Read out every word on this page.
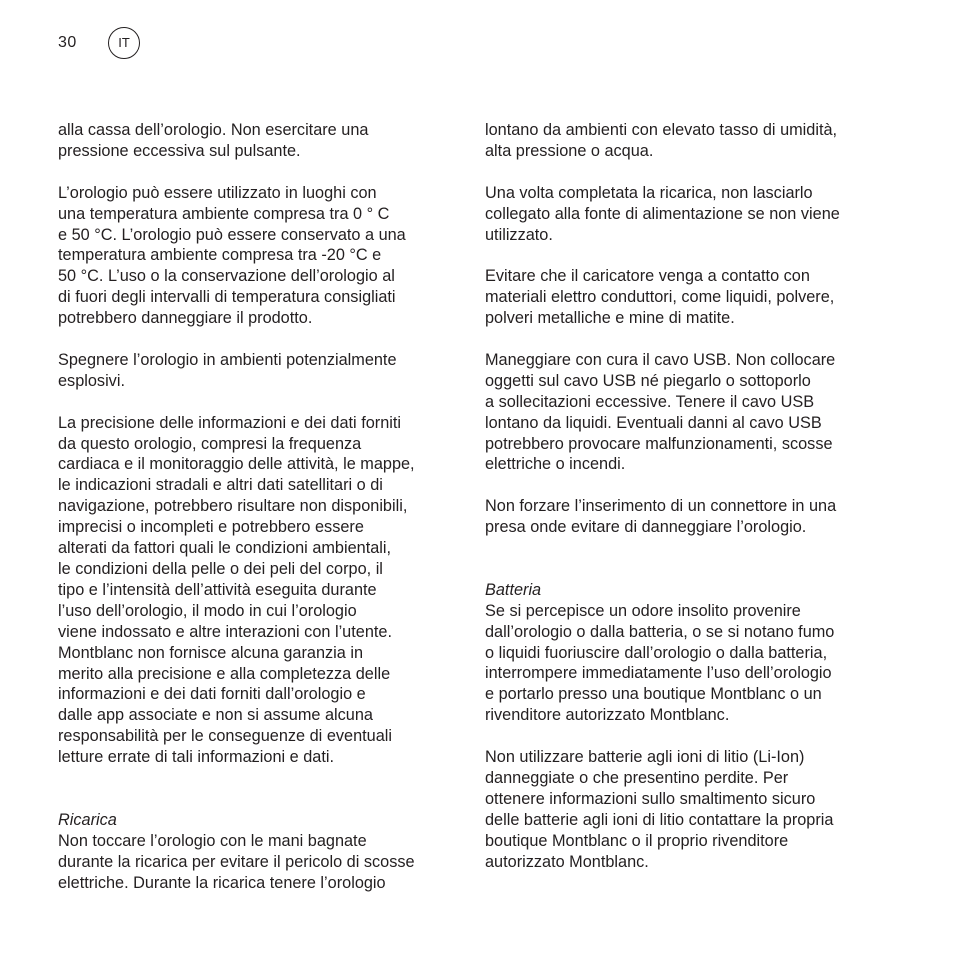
30	IT

alla cassa dell’orologio. Non esercitare una
pressione eccessiva sul pulsante.

L’orologio può essere utilizzato in luoghi con
una temperatura ambiente compresa tra 0 ° C
e 50 °C. L’orologio può essere conservato a una
temperatura ambiente compresa tra -20 °C e
50 °C. L’uso o la conservazione dell’orologio al
di fuori degli intervalli di temperatura consigliati
potrebbero danneggiare il prodotto.

Spegnere l’orologio in ambienti potenzialmente
esplosivi.

La precisione delle informazioni e dei dati forniti
da questo orologio, compresi la frequenza
cardiaca e il monitoraggio delle attività, le mappe,
le indicazioni stradali e altri dati satellitari o di
navigazione, potrebbero risultare non disponibili,
imprecisi o incompleti e potrebbero essere
alterati da fattori quali le condizioni ambientali,
le condizioni della pelle o dei peli del corpo, il
tipo e l’intensità dell’attività eseguita durante
l’uso dell’orologio, il modo in cui l’orologio
viene indossato e altre interazioni con l’utente.
Montblanc non fornisce alcuna garanzia in
merito alla precisione e alla completezza delle
informazioni e dei dati forniti dall’orologio e
dalle app associate e non si assume alcuna
responsabilità per le conseguenze di eventuali
letture errate di tali informazioni e dati.

Ricarica

Non toccare l’orologio con le mani bagnate
durante la ricarica per evitare il pericolo di scosse
elettriche. Durante la ricarica tenere l’orologio

lontano da ambienti con elevato tasso di umidità,
alta pressione o acqua.

Una volta completata la ricarica, non lasciarlo
collegato alla fonte di alimentazione se non viene
utilizzato.

Evitare che il caricatore venga a contatto con
materiali elettro conduttori, come liquidi, polvere,
polveri metalliche e mine di matite.

Maneggiare con cura il cavo USB. Non collocare
oggetti sul cavo USB né piegarlo o sottoporlo
a sollecitazioni eccessive. Tenere il cavo USB
lontano da liquidi. Eventuali danni al cavo USB
potrebbero provocare malfunzionamenti, scosse
elettriche o incendi.

Non forzare l’inserimento di un connettore in una
presa onde evitare di danneggiare l’orologio.

Batteria

Se si percepisce un odore insolito provenire
dall’orologio o dalla batteria, o se si notano fumo
o liquidi fuoriuscire dall’orologio o dalla batteria,
interrompere immediatamente l’uso dell’orologio
e portarlo presso una boutique Montblanc o un
rivenditore autorizzato Montblanc.

Non utilizzare batterie agli ioni di litio (Li-Ion)
danneggiate o che presentino perdite. Per
ottenere informazioni sullo smaltimento sicuro
delle batterie agli ioni di litio contattare la propria
boutique Montblanc o il proprio rivenditore
autorizzato Montblanc.
